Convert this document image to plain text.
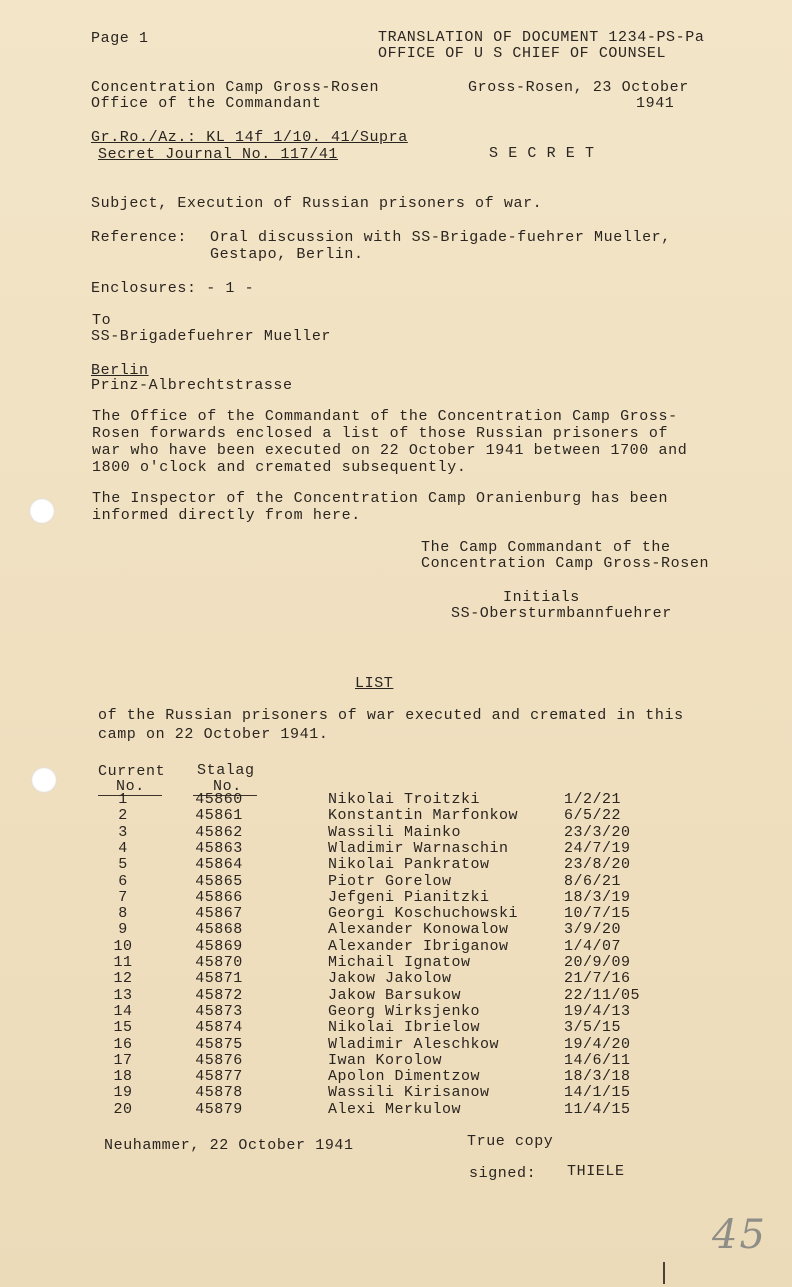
Page 1	TRANSLATION OF DOCUMENT 1234-PS-Pa
OFFICE OF U S CHIEF OF COUNSEL
Concentration Camp Gross-Rosen
Office of the Commandant
Gross-Rosen, 23 October
1941
Gr.Ro./Az.: KL 14f 1/10. 41/Supra
Secret Journal No. 117/41	S E C R E T
Subject, Execution of Russian prisoners of war.
Reference: Oral discussion with SS-Brigade-fuehrer Mueller,
Gestapo, Berlin.
Enclosures: - 1 -
To
SS-Brigadefuehrer Mueller
Berlin
Prinz-Albrechtstrasse
The Office of the Commandant of the Concentration Camp Gross-Rosen forwards enclosed a list of those Russian prisoners of war who have been executed on 22 October 1941 between 1700 and 1800 o'clock and cremated subsequently.
The Inspector of the Concentration Camp Oranienburg has been informed directly from here.
The Camp Commandant of the
Concentration Camp Gross-Rosen
Initials
SS-Obersturmbannfuehrer
LIST
of the Russian prisoners of war executed and cremated in this
camp on 22 October 1941.
Current
No.
Stalag
No.
1	45860	Nikolai Troitzki	1/2/21
2	45861	Konstantin Marfonkow	6/5/22
3	45862	Wassili Mainko	23/3/20
4	45863	Wladimir Warnaschin	24/7/19
5	45864	Nikolai Pankratow	23/8/20
6	45865	Piotr Gorelow	8/6/21
7	45866	Jefgeni Pianitzki	18/3/19
8	45867	Georgi Koschuchowski	10/7/15
9	45868	Alexander Konowalow	3/9/20
10	45869	Alexander Ibriganow	1/4/07
11	45870	Michail Ignatow	20/9/09
12	45871	Jakow Jakolow	21/7/16
13	45872	Jakow Barsukow	22/11/05
14	45873	Georg Wirksjenko	19/4/13
15	45874	Nikolai Ibrielow	3/5/15
16	45875	Wladimir Aleschkow	19/4/20
17	45876	Iwan Korolow	14/6/11
18	45877	Apolon Dimentzow	18/3/18
19	45878	Wassili Kirisanow	14/1/15
20	45879	Alexi Merkulow	11/4/15
Neuhammer, 22 October 1941	True copy
signed: THIELE
45
